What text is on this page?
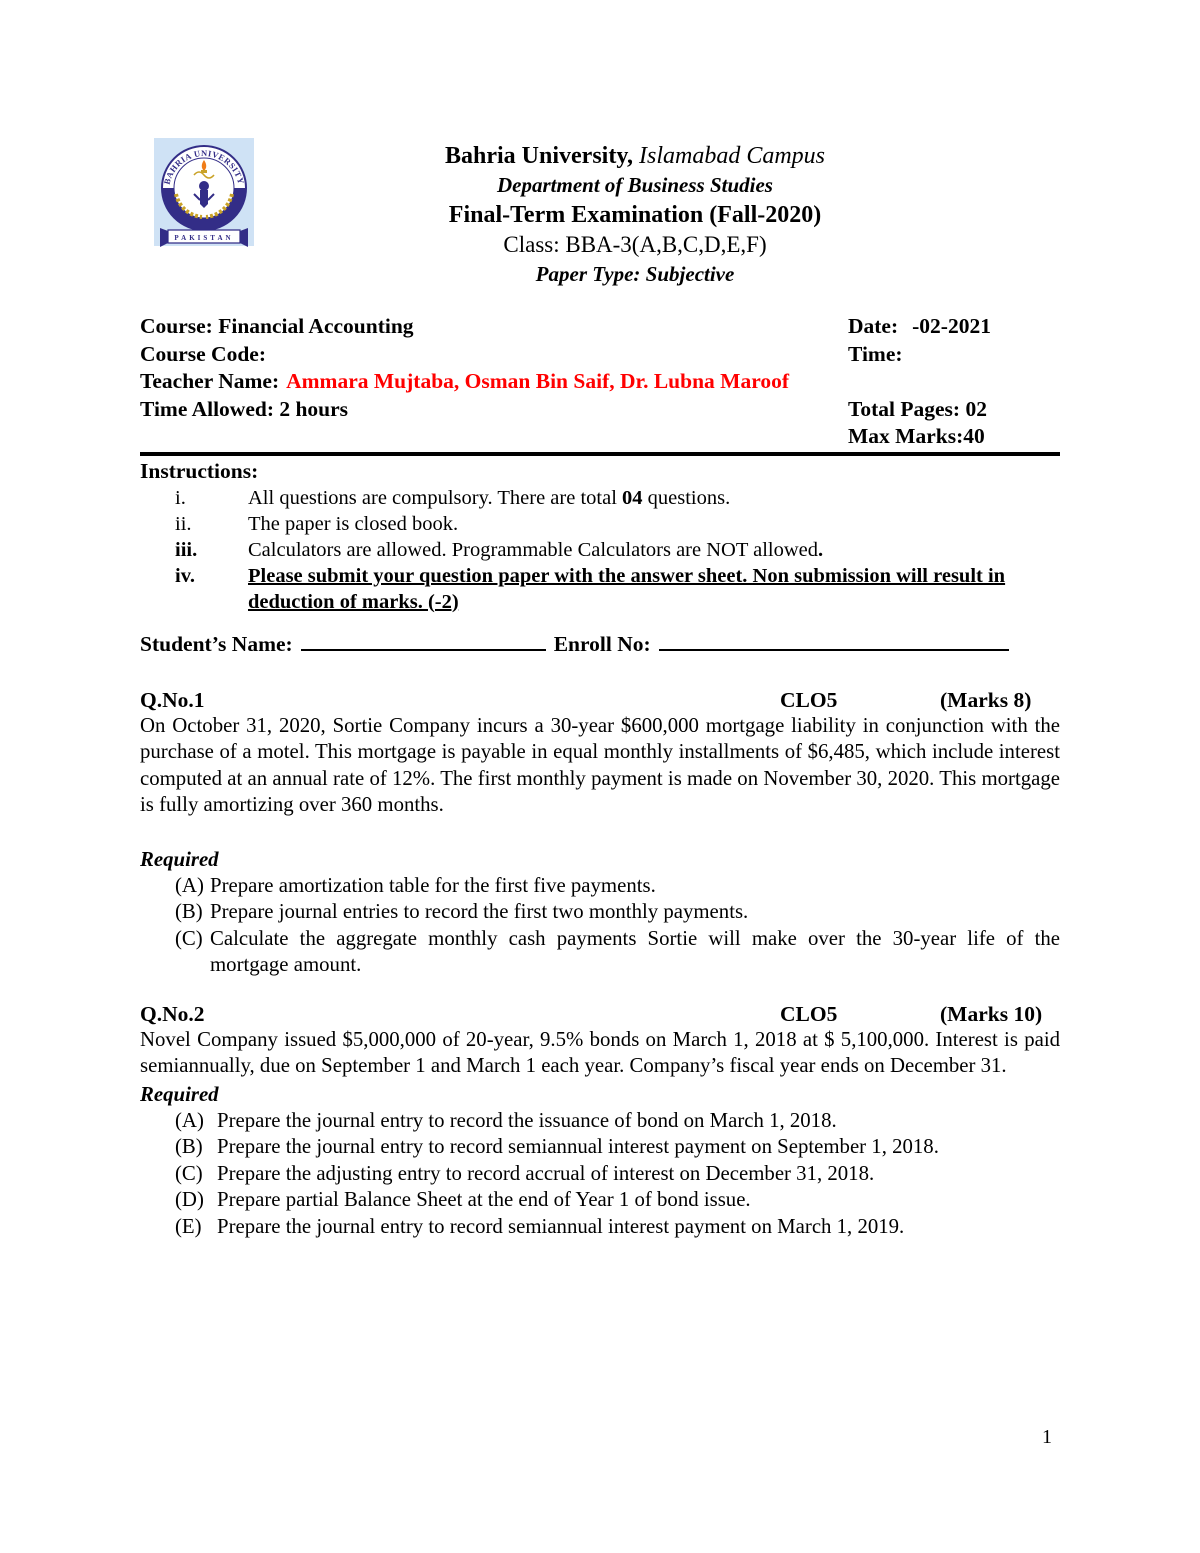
BAHRIA UNIVERSITY
PAKISTAN
Bahria University, Islamabad Campus
Department of Business Studies
Final-Term Examination (Fall-2020)
Class: BBA-3(A,B,C,D,E,F)
Paper Type: Subjective
Course: Financial Accounting	Date: -02-2021
Course Code:	Time:
Teacher Name: Ammara Mujtaba, Osman Bin Saif, Dr. Lubna Maroof
Time Allowed: 2 hours	Total Pages: 02
Max Marks:40
Instructions:
i.	All questions are compulsory. There are total 04 questions.
ii.	The paper is closed book.
iii.	Calculators are allowed. Programmable Calculators are NOT allowed.
iv.	Please submit your question paper with the answer sheet. Non submission will result in deduction of marks. (-2)
Student’s Name:	Enroll No:
Q.No.1	CLO5	(Marks 8)
On October 31, 2020, Sortie Company incurs a 30-year $600,000 mortgage liability in conjunction with the purchase of a motel. This mortgage is payable in equal monthly installments of $6,485, which include interest computed at an annual rate of 12%. The first monthly payment is made on November 30, 2020. This mortgage is fully amortizing over 360 months.
Required
(A) Prepare amortization table for the first five payments.
(B) Prepare journal entries to record the first two monthly payments.
(C) Calculate the aggregate monthly cash payments Sortie will make over the 30-year life of the mortgage amount.
Q.No.2	CLO5	(Marks 10)
Novel Company issued $5,000,000 of 20-year, 9.5% bonds on March 1, 2018 at $ 5,100,000. Interest is paid semiannually, due on September 1 and March 1 each year. Company’s fiscal year ends on December 31.
Required
(A) Prepare the journal entry to record the issuance of bond on March 1, 2018.
(B) Prepare the journal entry to record semiannual interest payment on September 1, 2018.
(C) Prepare the adjusting entry to record accrual of interest on December 31, 2018.
(D) Prepare partial Balance Sheet at the end of Year 1 of bond issue.
(E) Prepare the journal entry to record semiannual interest payment on March 1, 2019.
1
